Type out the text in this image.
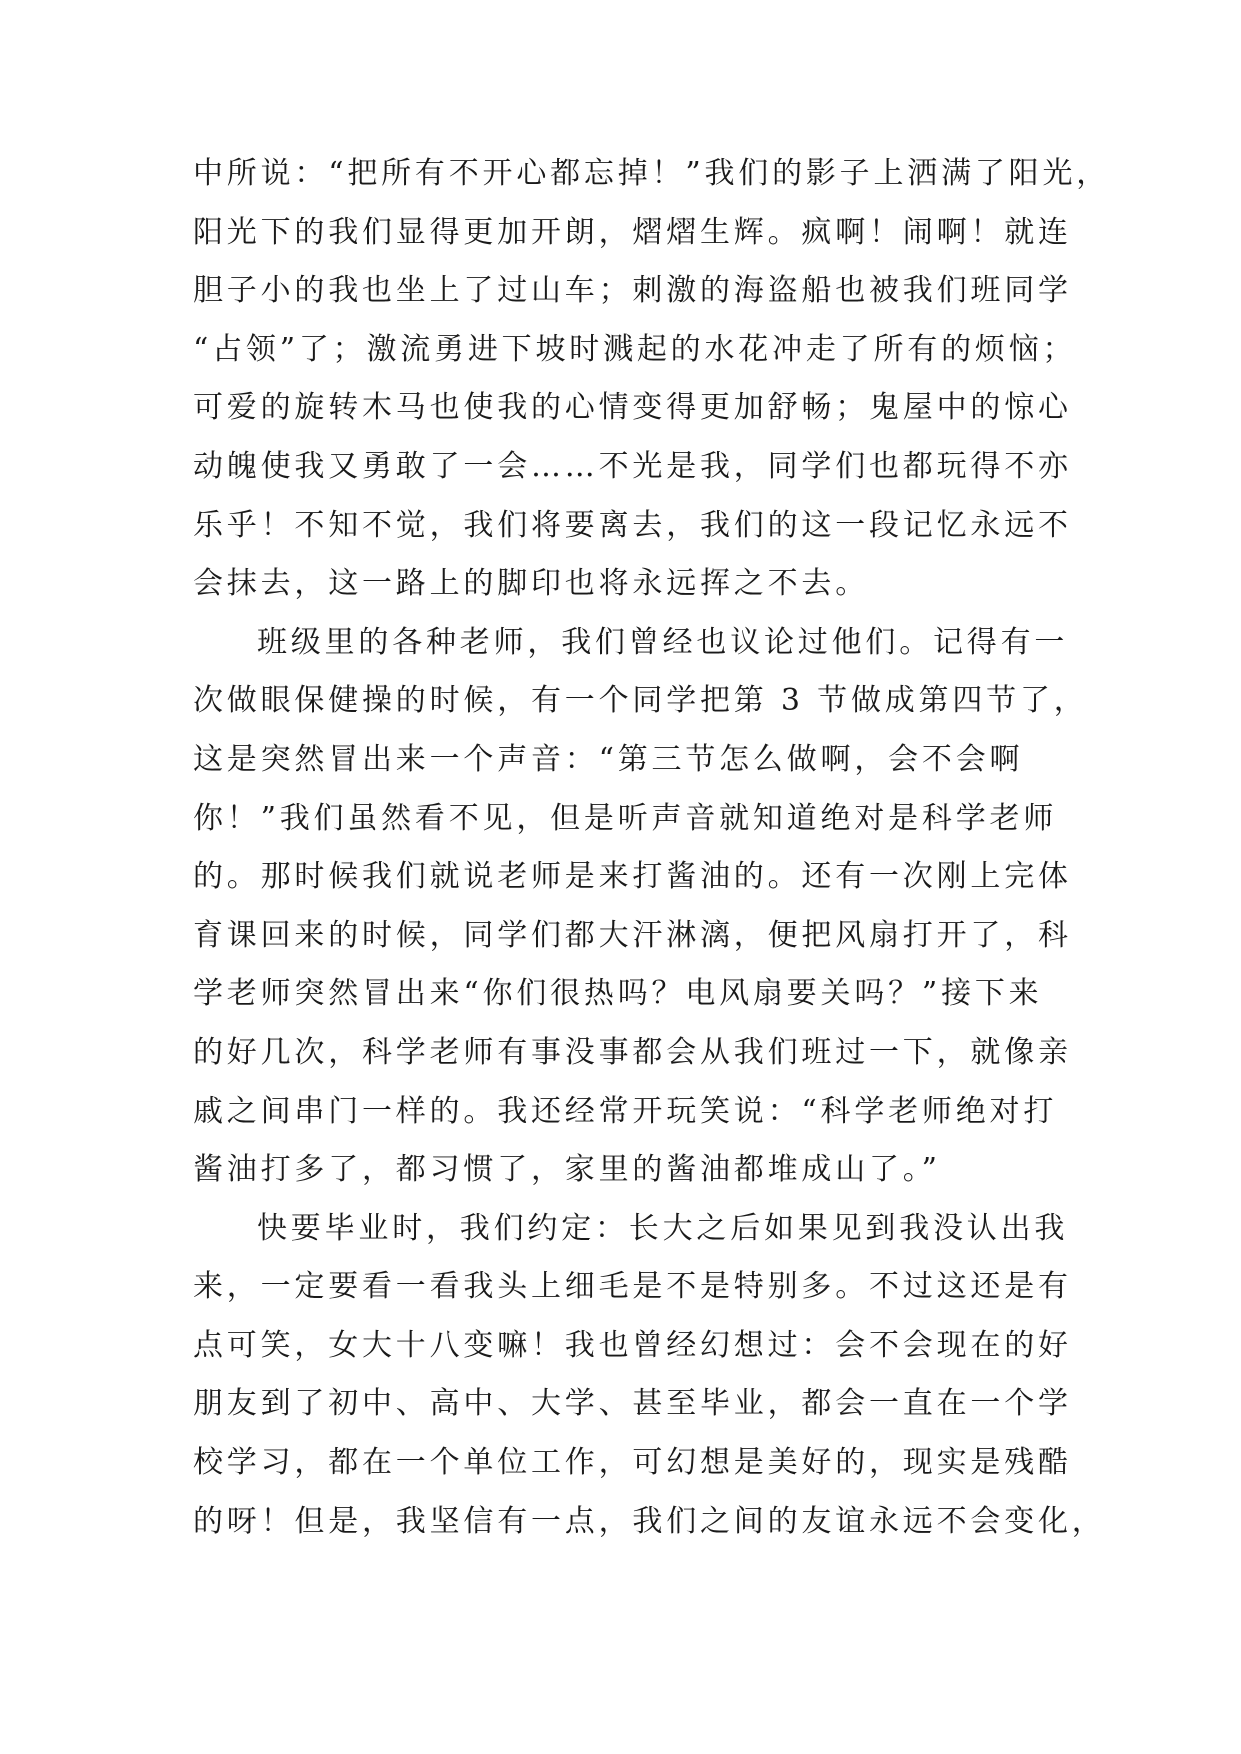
中所说：“把所有不开心都忘掉！”我们的影子上洒满了阳光，
阳光下的我们显得更加开朗，熠熠生辉。疯啊！闹啊！就连
胆子小的我也坐上了过山车；刺激的海盗船也被我们班同学
“占领”了；激流勇进下坡时溅起的水花冲走了所有的烦恼；
可爱的旋转木马也使我的心情变得更加舒畅；鬼屋中的惊心
动魄使我又勇敢了一会……不光是我，同学们也都玩得不亦
乐乎！不知不觉，我们将要离去，我们的这一段记忆永远不
会抹去，这一路上的脚印也将永远挥之不去。
班级里的各种老师，我们曾经也议论过他们。记得有一
次做眼保健操的时候，有一个同学把第 3 节做成第四节了，
这是突然冒出来一个声音：“第三节怎么做啊，会不会啊
你！”我们虽然看不见，但是听声音就知道绝对是科学老师
的。那时候我们就说老师是来打酱油的。还有一次刚上完体
育课回来的时候，同学们都大汗淋漓，便把风扇打开了，科
学老师突然冒出来“你们很热吗？电风扇要关吗？”接下来
的好几次，科学老师有事没事都会从我们班过一下，就像亲
戚之间串门一样的。我还经常开玩笑说：“科学老师绝对打
酱油打多了，都习惯了，家里的酱油都堆成山了。”
快要毕业时，我们约定：长大之后如果见到我没认出我
来，一定要看一看我头上细毛是不是特别多。不过这还是有
点可笑，女大十八变嘛！我也曾经幻想过：会不会现在的好
朋友到了初中、高中、大学、甚至毕业，都会一直在一个学
校学习，都在一个单位工作，可幻想是美好的，现实是残酷
的呀！但是，我坚信有一点，我们之间的友谊永远不会变化，
